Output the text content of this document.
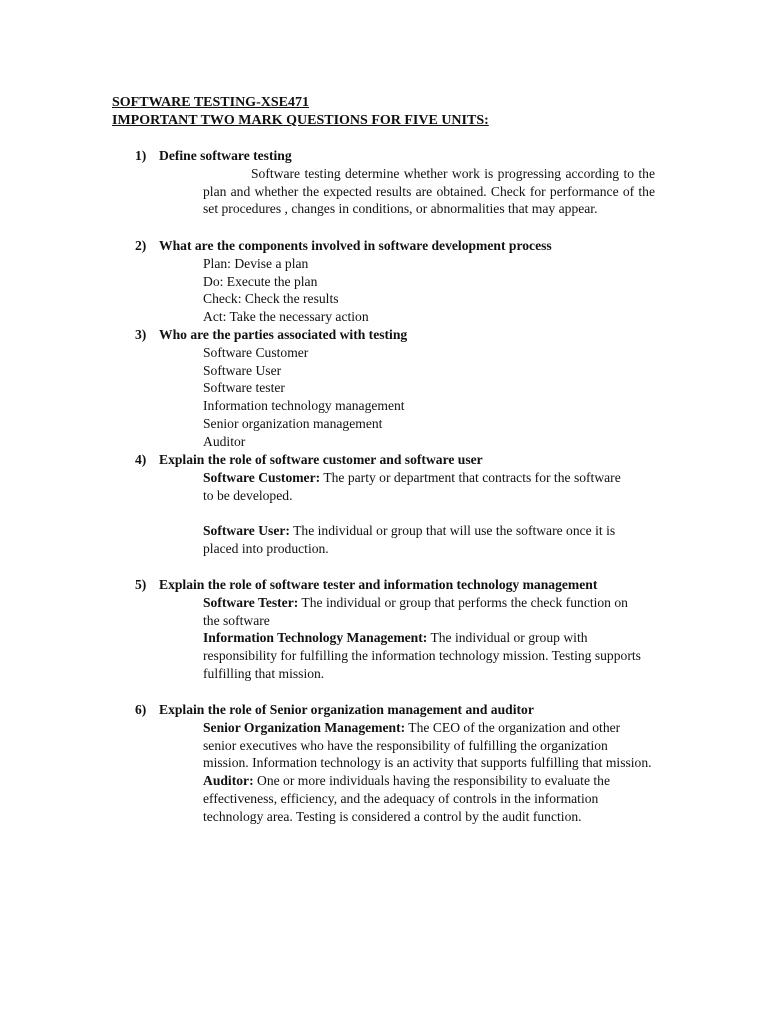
SOFTWARE TESTING-XSE471
IMPORTANT TWO MARK QUESTIONS FOR FIVE UNITS:
1) Define software testing
Software testing determine whether work is progressing according to the plan and whether the expected results are obtained. Check for performance of the set procedures , changes in conditions, or abnormalities that may appear.
2) What are the components involved in software development process
Plan: Devise a plan
Do: Execute the plan
Check: Check the results
Act: Take the necessary action
3) Who are the parties associated with testing
Software Customer
Software User
Software tester
Information technology management
Senior organization management
Auditor
4) Explain the role of software customer and software user

Software Customer: The party or department that contracts for the software to be developed.

Software User: The individual or group that will use the software once it is placed into production.

5) Explain the role of software tester and information technology management

Software Tester: The individual or group that performs the check function on the software

Information Technology Management: The individual or group with responsibility for fulfilling the information technology mission. Testing supports fulfilling that mission.

6) Explain the role of Senior organization management and auditor

Senior Organization Management: The CEO of the organization and other senior executives who have the responsibility of fulfilling the organization mission. Information technology is an activity that supports fulfilling that mission.

Auditor: One or more individuals having the responsibility to evaluate the effectiveness, efficiency, and the adequacy of controls in the information technology area. Testing is considered a control by the audit function.
